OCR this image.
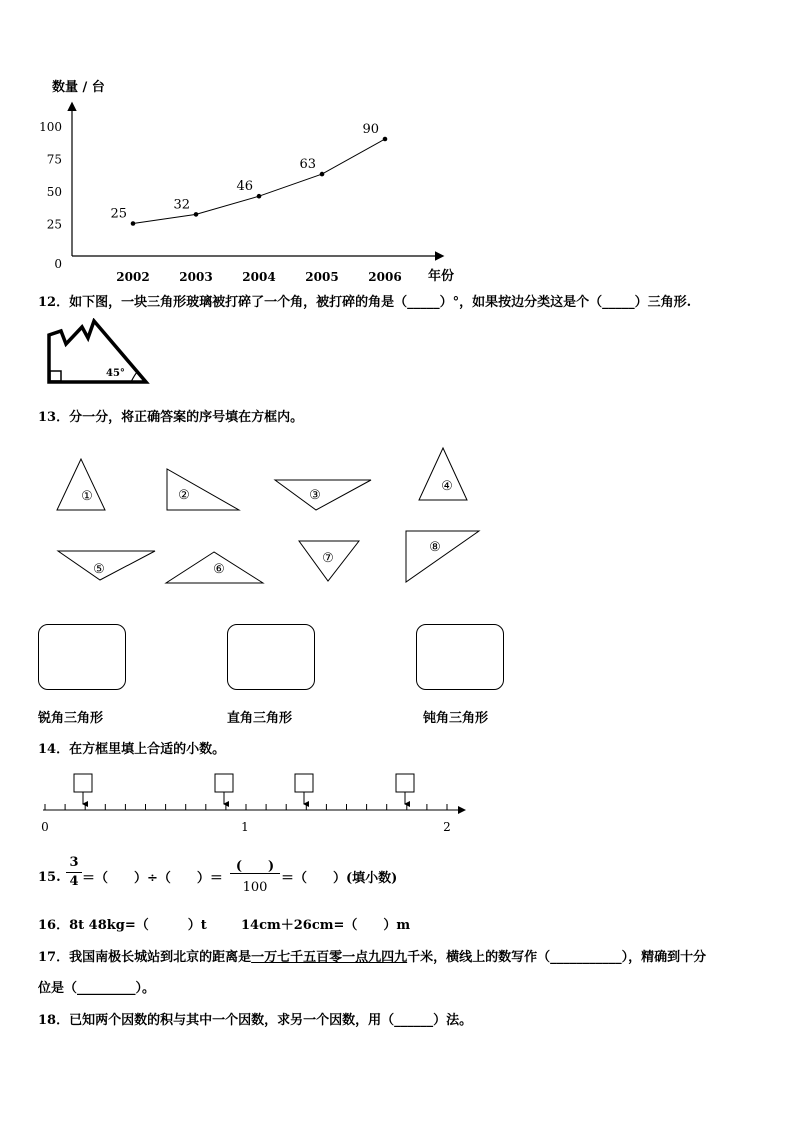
数量 / 台
100
75
50
25
0
2002 2003 2004 2005 2006
25
32
46
63
90
年份
12．如下图，一块三角形玻璃被打碎了一个角，被打碎的角是（_____）°，如果按边分类这是个（_____）三角形.
45°
13．分一分，将正确答案的序号填在方框内。
①	②	③
④
⑤	⑥
⑦
⑧
锐角三角形	直角三角形	钝角三角形
14．在方框里填上合适的小数。
0	1	2
15.
3
4 ＝（　　）÷（　　）＝
(　　)
100
＝（　　）(填小数)
16．8t 48kg=（　　　）t	14cm＋26cm=（　　）m
17．我国南极长城站到北京的距离是一万七千五百零一点九四九千米，横线上的数写作（___________），精确到十分
位是（_________）。
18．已知两个因数的积与其中一个因数，求另一个因数，用（______）法。
